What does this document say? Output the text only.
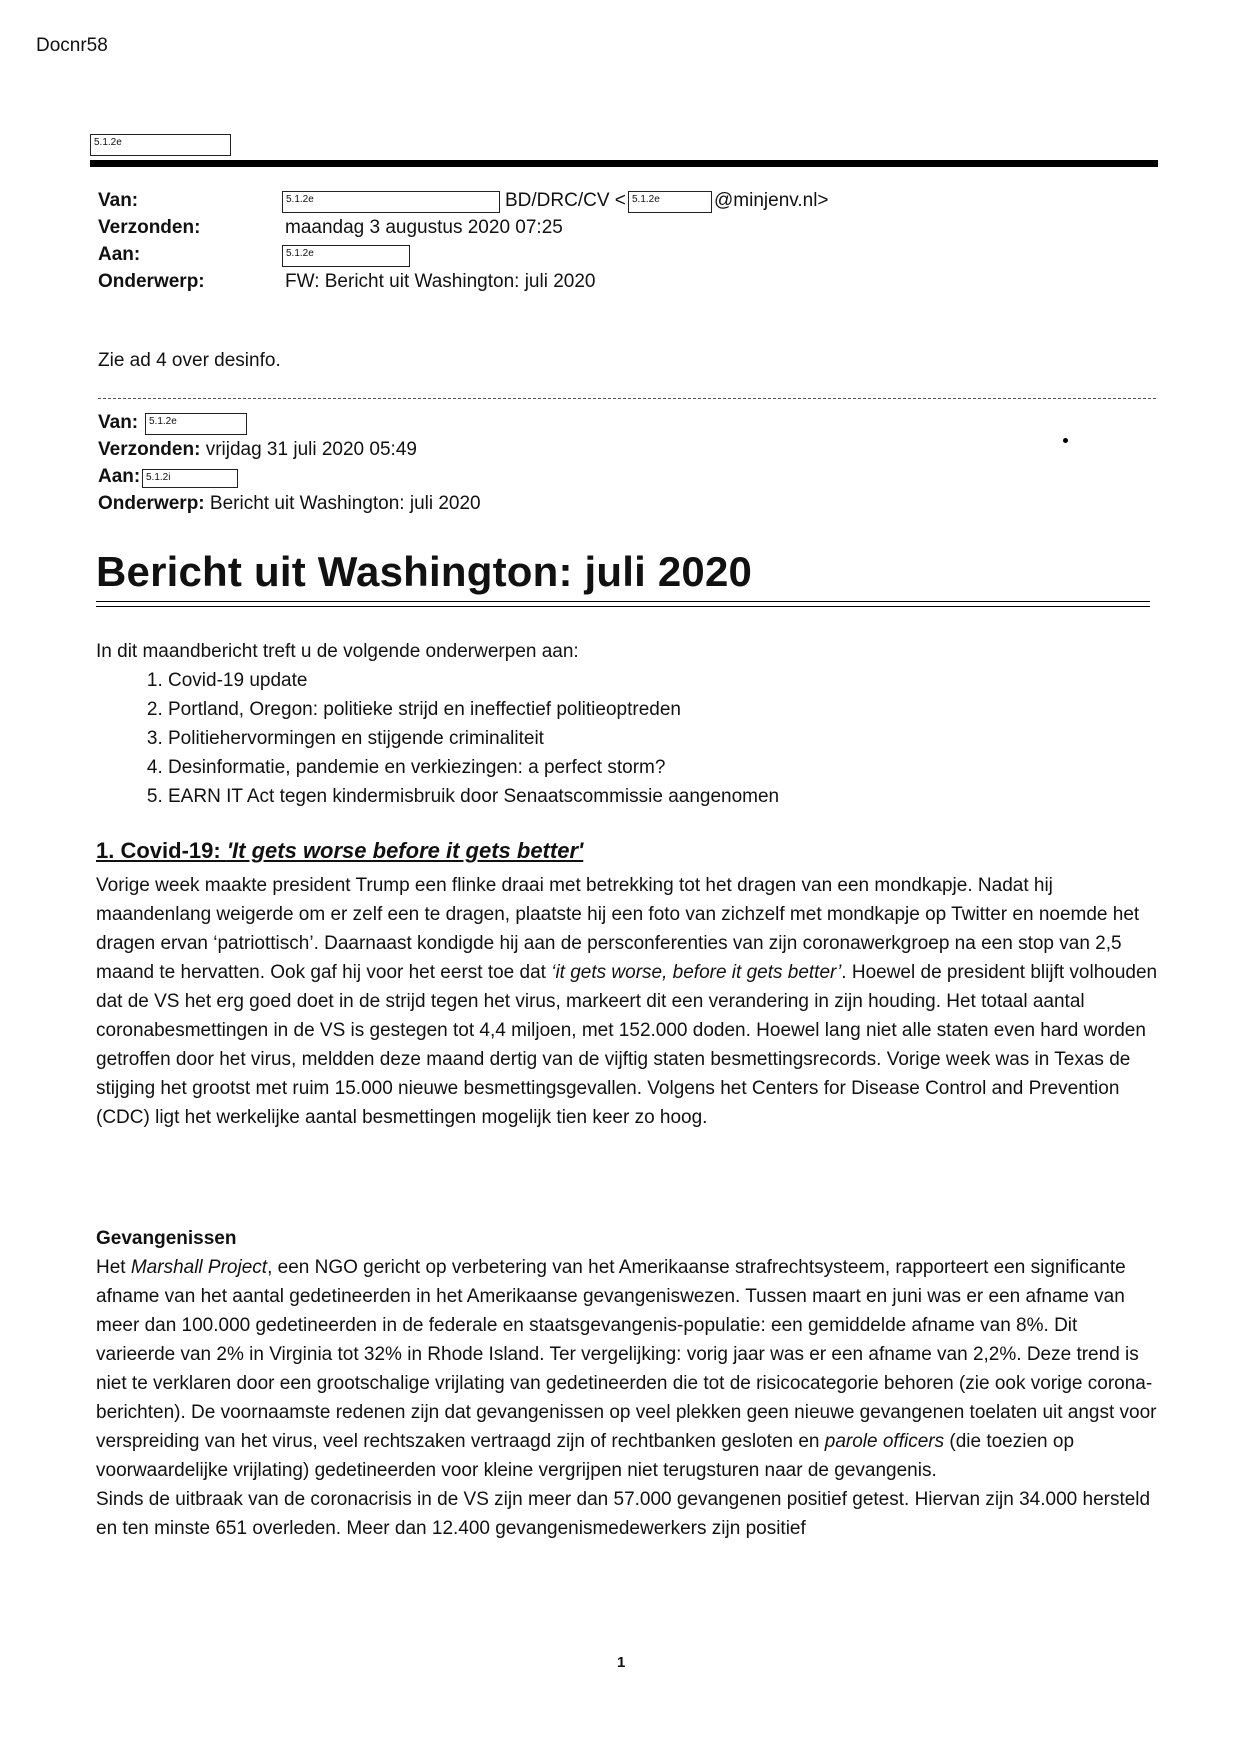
Docnr58
5.1.2e
Van:	5.1.2e	BD/DRC/CV < 5.1.2e	@minjenv.nl>
Verzonden:	maandag 3 augustus 2020 07:25
Aan:	5.1.2e
Onderwerp:	FW: Bericht uit Washington: juli 2020
Zie ad 4 over desinfo.
Van: 5.1.2e
Verzonden: vrijdag 31 juli 2020 05:49
Aan: 5.1.2i
Onderwerp: Bericht uit Washington: juli 2020
Bericht uit Washington: juli 2020
In dit maandbericht treft u de volgende onderwerpen aan:
1. Covid-19 update
2. Portland, Oregon: politieke strijd en ineffectief politieoptreden
3. Politiehervormingen en stijgende criminaliteit
4. Desinformatie, pandemie en verkiezingen: a perfect storm?
5. EARN IT Act tegen kindermisbruik door Senaatscommissie aangenomen
1. Covid-19: 'It gets worse before it gets better'
Vorige week maakte president Trump een flinke draai met betrekking tot het dragen van een mondkapje. Nadat hij maandenlang weigerde om er zelf een te dragen, plaatste hij een foto van zichzelf met mondkapje op Twitter en noemde het dragen ervan ‘patriottisch’. Daarnaast kondigde hij aan de persconferenties van zijn coronawerkgroep na een stop van 2,5 maand te hervatten. Ook gaf hij voor het eerst toe dat ‘it gets worse, before it gets better’. Hoewel de president blijft volhouden dat de VS het erg goed doet in de strijd tegen het virus, markeert dit een verandering in zijn houding. Het totaal aantal coronabesmettingen in de VS is gestegen tot 4,4 miljoen, met 152.000 doden. Hoewel lang niet alle staten even hard worden getroffen door het virus, meldden deze maand dertig van de vijftig staten besmettingsrecords. Vorige week was in Texas de stijging het grootst met ruim 15.000 nieuwe besmettingsgevallen. Volgens het Centers for Disease Control and Prevention (CDC) ligt het werkelijke aantal besmettingen mogelijk tien keer zo hoog.
Gevangenissen
Het Marshall Project, een NGO gericht op verbetering van het Amerikaanse strafrechtsysteem, rapporteert een significante afname van het aantal gedetineerden in het Amerikaanse gevangeniswezen. Tussen maart en juni was er een afname van meer dan 100.000 gedetineerden in de federale en staatsgevangenis-populatie: een gemiddelde afname van 8%. Dit varieerde van 2% in Virginia tot 32% in Rhode Island. Ter vergelijking: vorig jaar was er een afname van 2,2%. Deze trend is niet te verklaren door een grootschalige vrijlating van gedetineerden die tot de risicocategorie behoren (zie ook vorige corona-berichten). De voornaamste redenen zijn dat gevangenissen op veel plekken geen nieuwe gevangenen toelaten uit angst voor verspreiding van het virus, veel rechtszaken vertraagd zijn of rechtbanken gesloten en parole officers (die toezien op voorwaardelijke vrijlating) gedetineerden voor kleine vergrijpen niet terugsturen naar de gevangenis.
Sinds de uitbraak van de coronacrisis in de VS zijn meer dan 57.000 gevangenen positief getest. Hiervan zijn 34.000 hersteld en ten minste 651 overleden. Meer dan 12.400 gevangenismedewerkers zijn positief
1
